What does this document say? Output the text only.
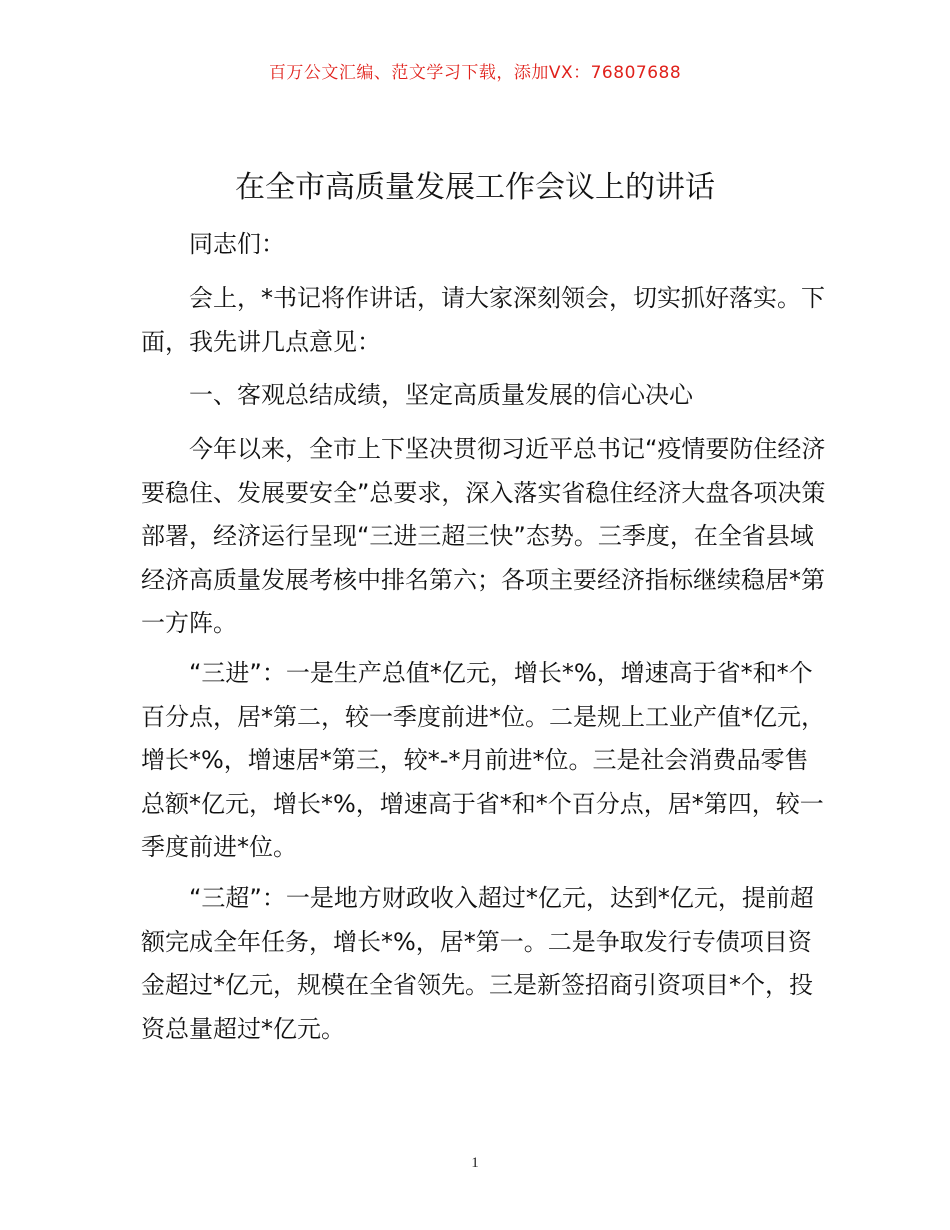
百万公文汇编、范文学习下载，添加VX：76807688
在全市高质量发展工作会议上的讲话

同志们：

会上，*书记将作讲话，请大家深刻领会，切实抓好落实。下面，我先讲几点意见：

一、客观总结成绩，坚定高质量发展的信心决心

今年以来，全市上下坚决贯彻习近平总书记“疫情要防住经济要稳住、发展要安全”总要求，深入落实省稳住经济大盘各项决策部署，经济运行呈现“三进三超三快”态势。三季度，在全省县域经济高质量发展考核中排名第六；各项主要经济指标继续稳居*第一方阵。

“三进”：一是生产总值*亿元，增长*%，增速高于省*和*个百分点，居*第二，较一季度前进*位。二是规上工业产值*亿元，增长*%，增速居*第三，较*-*月前进*位。三是社会消费品零售总额*亿元，增长*%，增速高于省*和*个百分点，居*第四，较一季度前进*位。

“三超”：一是地方财政收入超过*亿元，达到*亿元，提前超额完成全年任务，增长*%，居*第一。二是争取发行专债项目资金超过*亿元，规模在全省领先。三是新签招商引资项目*个，投资总量超过*亿元。

1
